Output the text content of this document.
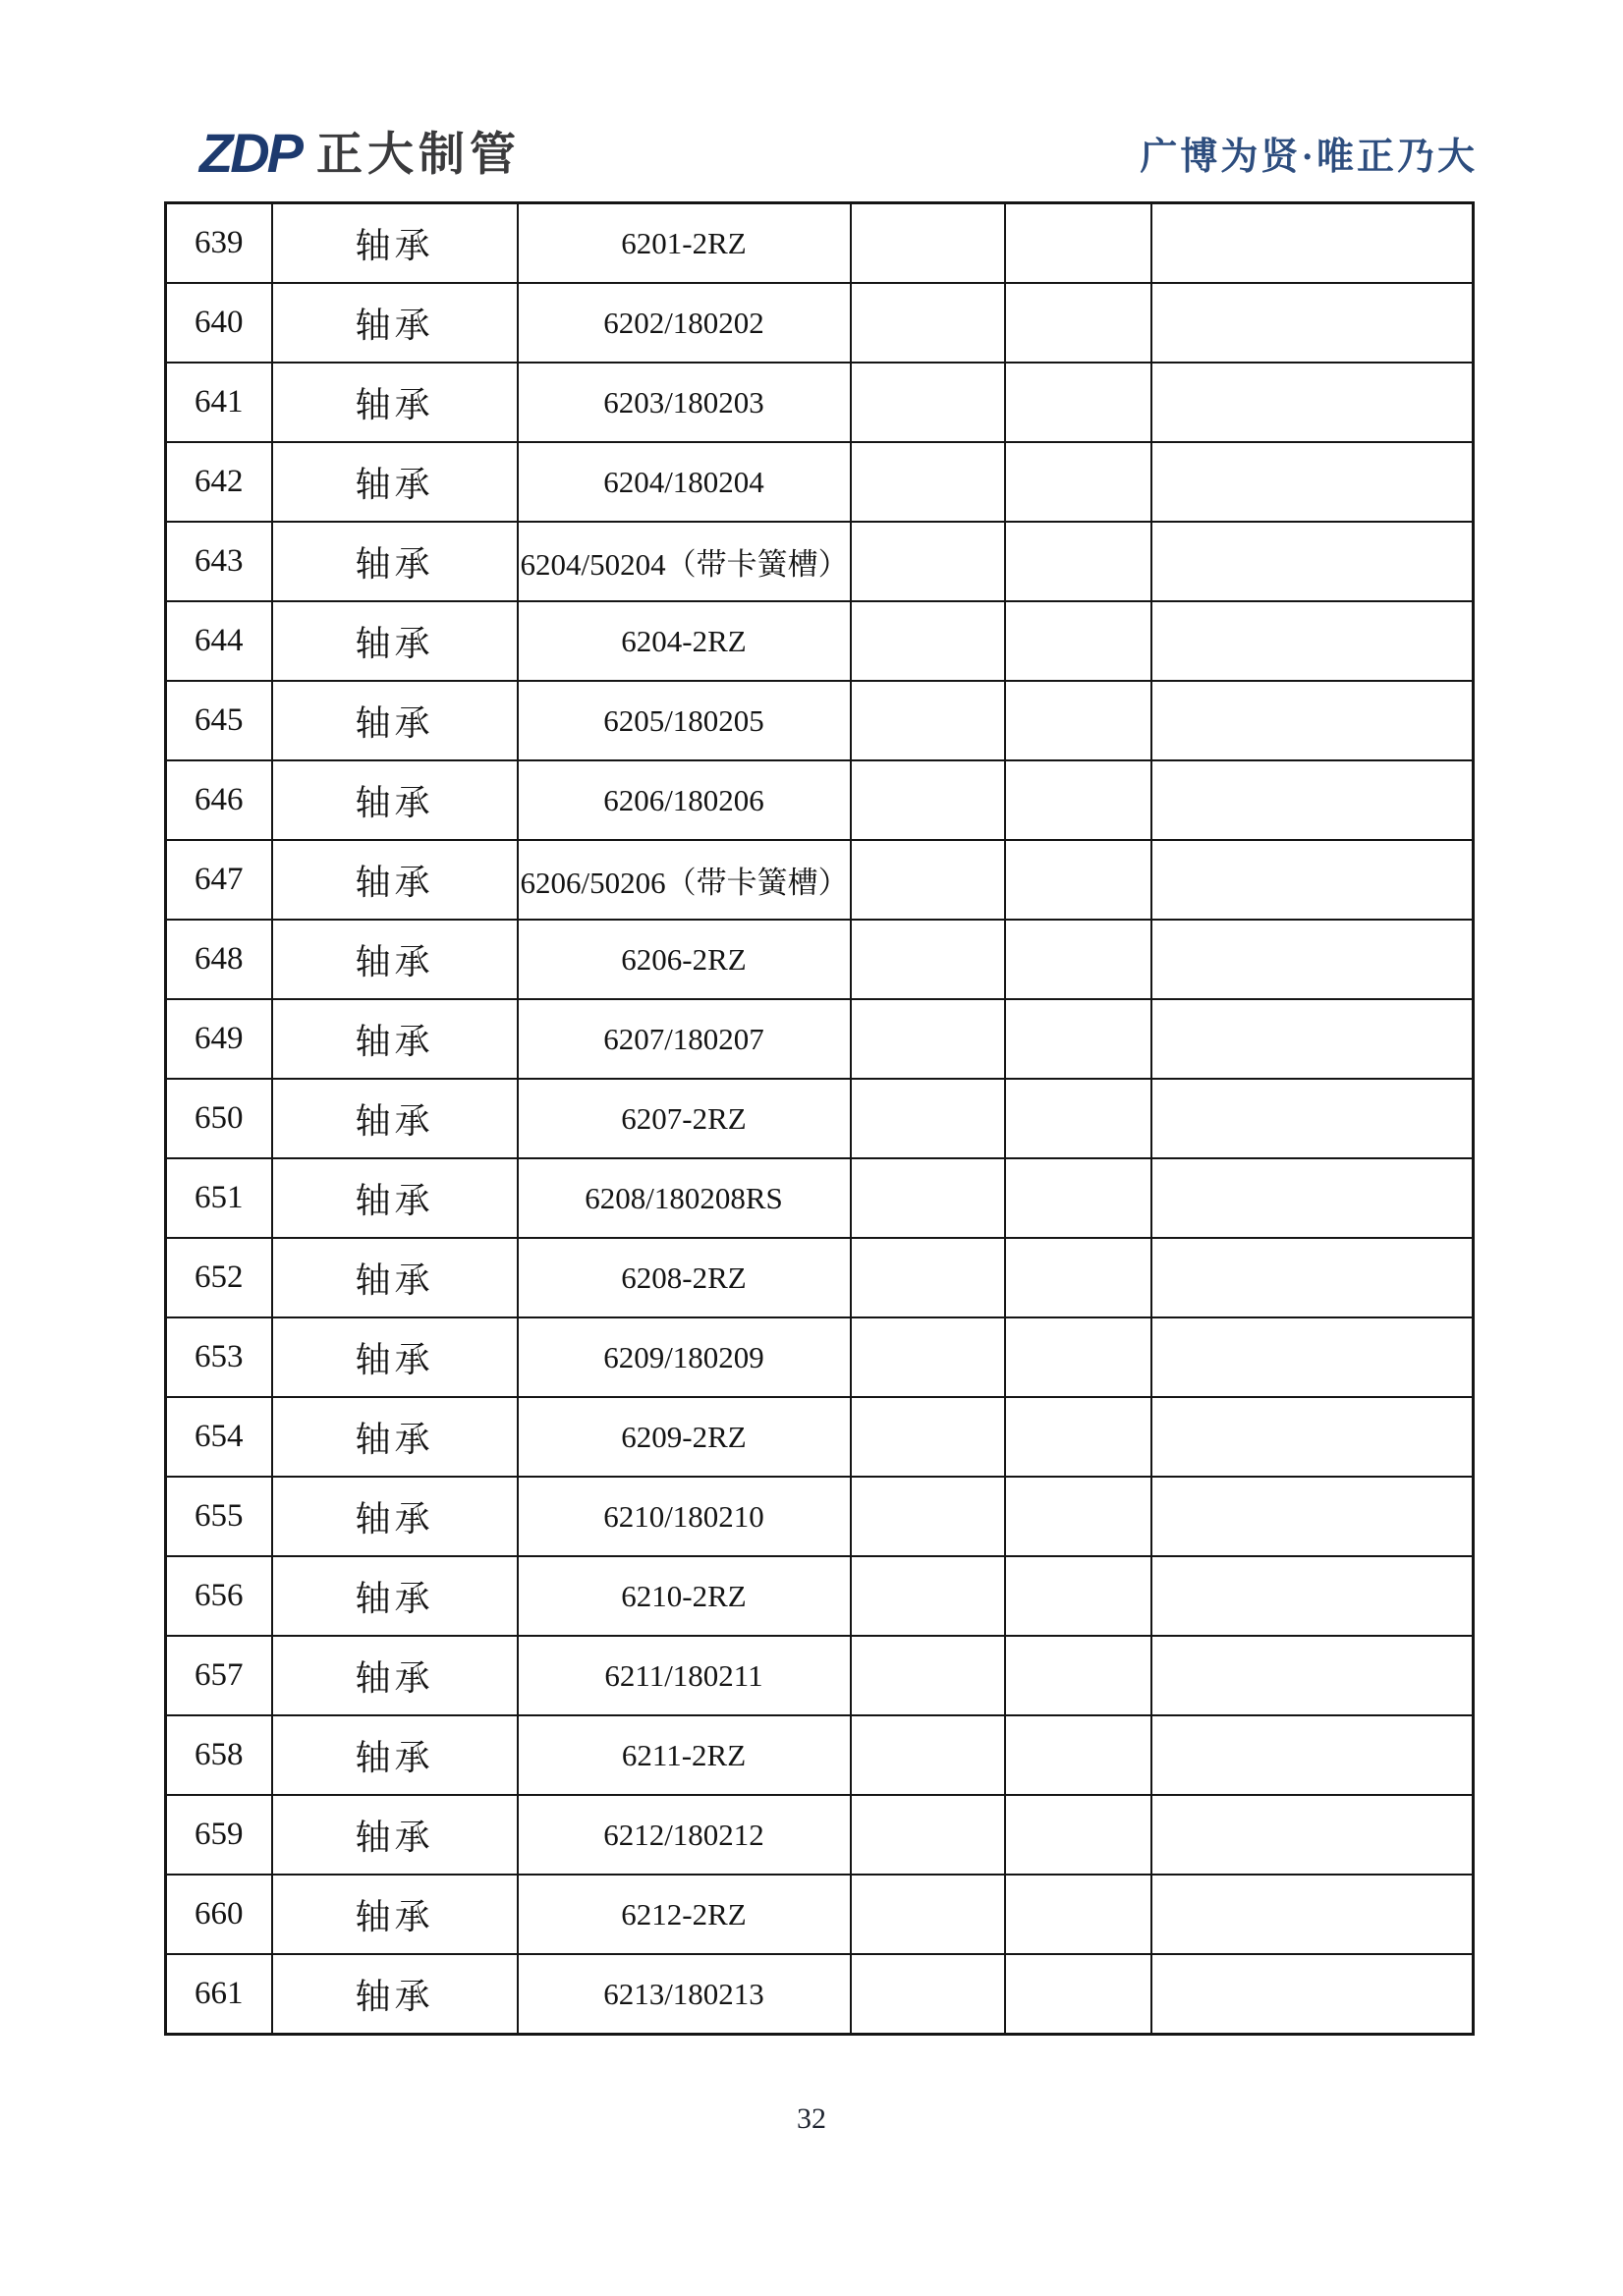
ZDP 正大制管	广博为贤·唯正乃大
639	轴承	6201-2RZ			
640	轴承	6202/180202			
641	轴承	6203/180203			
642	轴承	6204/180204			
643	轴承	6204/50204（带卡簧槽）			
644	轴承	6204-2RZ			
645	轴承	6205/180205			
646	轴承	6206/180206			
647	轴承	6206/50206（带卡簧槽）			
648	轴承	6206-2RZ			
649	轴承	6207/180207			
650	轴承	6207-2RZ			
651	轴承	6208/180208RS			
652	轴承	6208-2RZ			
653	轴承	6209/180209			
654	轴承	6209-2RZ			
655	轴承	6210/180210			
656	轴承	6210-2RZ			
657	轴承	6211/180211			
658	轴承	6211-2RZ			
659	轴承	6212/180212			
660	轴承	6212-2RZ			
661	轴承	6213/180213			
32
